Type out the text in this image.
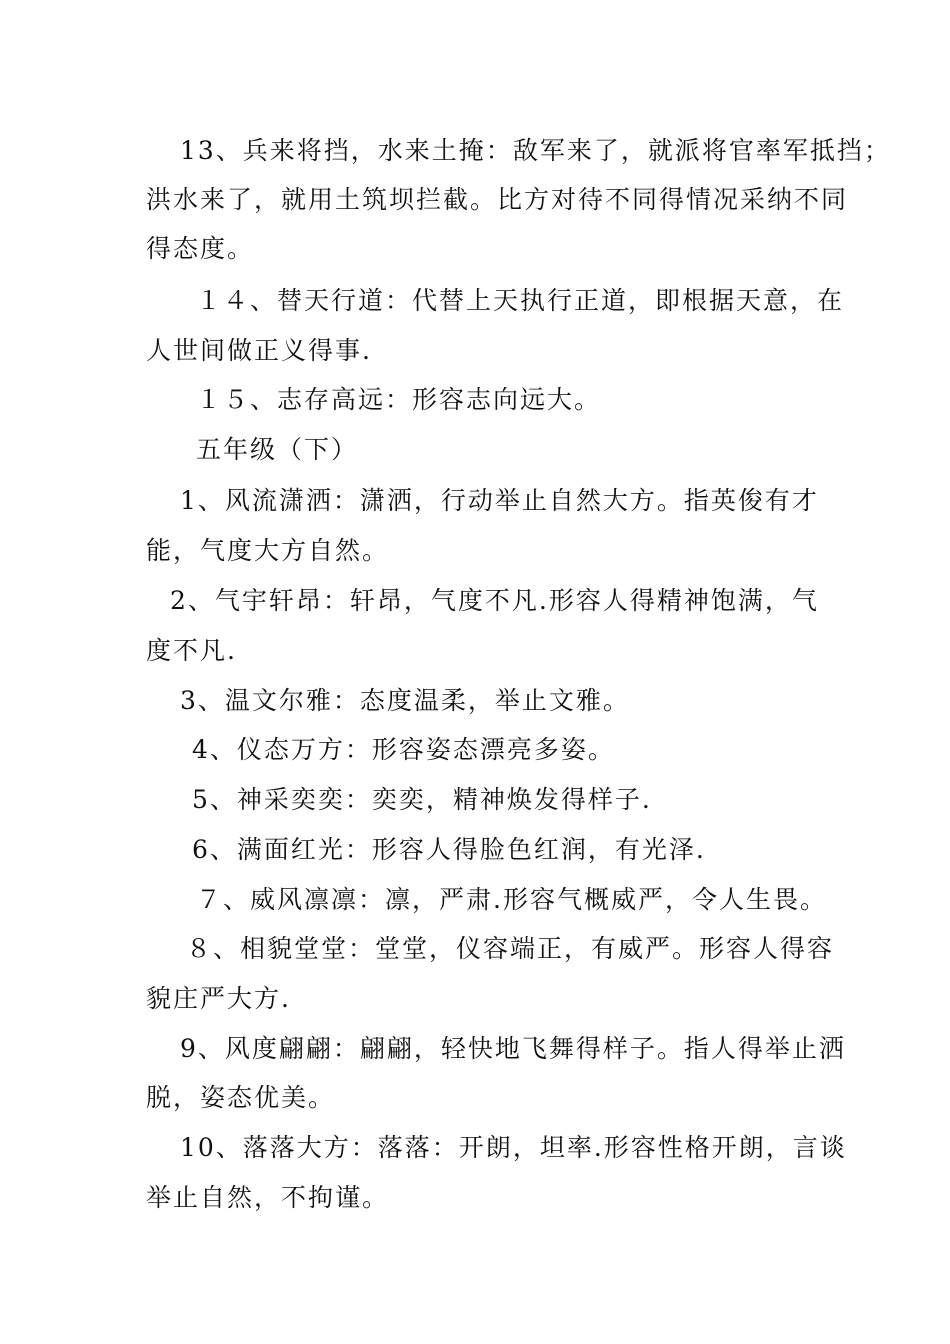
13、兵来将挡，水来土掩：敌军来了，就派将官率军抵挡；
洪水来了，就用土筑坝拦截。比方对待不同得情况采纳不同
得态度。
１４、替天行道：代替上天执行正道，即根据天意，在
人世间做正义得事.
１５、志存高远：形容志向远大。
五年级（下）
1、风流潇洒：潇洒，行动举止自然大方。指英俊有才
能，气度大方自然。
2、气宇轩昂：轩昂，气度不凡.形容人得精神饱满，气
度不凡.
3、温文尔雅：态度温柔，举止文雅。
4、仪态万方：形容姿态漂亮多姿。
5、神采奕奕：奕奕，精神焕发得样子.
6、满面红光：形容人得脸色红润，有光泽.
７、威风凛凛：凛，严肃.形容气概威严，令人生畏。
８、相貌堂堂：堂堂，仪容端正，有威严。形容人得容
貌庄严大方.
9、风度翩翩：翩翩，轻快地飞舞得样子。指人得举止洒
脱，姿态优美。
10、落落大方：落落：开朗，坦率.形容性格开朗，言谈
举止自然，不拘谨。
